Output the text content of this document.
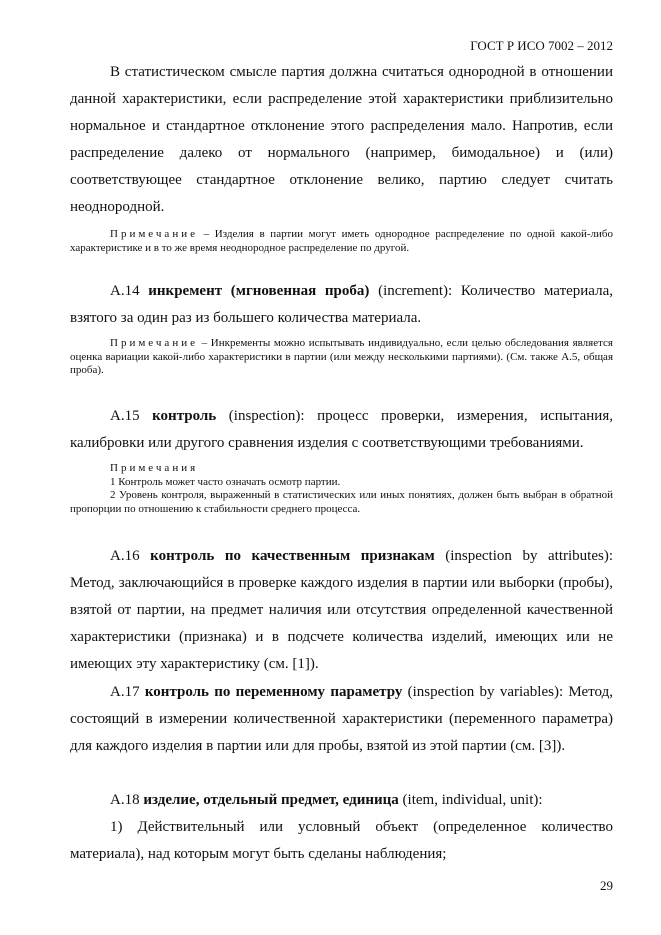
ГОСТ Р ИСО 7002 – 2012

В статистическом смысле партия должна считаться однородной в отношении данной характеристики, если распределение этой характеристики приблизительно нормальное и стандартное отклонение этого распределения мало. Напротив, если распределение далеко от нормального (например, бимодальное) и (или) соответствующее стандартное отклонение велико, партию следует считать неоднородной.

Примечание – Изделия в партии могут иметь однородное распределение по одной какой-либо характеристике и в то же время неоднородное распределение по другой.

А.14 инкремент (мгновенная проба) (increment): Количество материала, взятого за один раз из большего количества материала.

Примечание – Инкременты можно испытывать индивидуально, если целью обследования является оценка вариации какой-либо характеристики в партии (или между несколькими партиями). (См. также А.5, общая проба).

А.15 контроль (inspection): процесс проверки, измерения, испытания, калибровки или другого сравнения изделия с соответствующими требованиями.

Примечания

1 Контроль может часто означать осмотр партии.

2 Уровень контроля, выраженный в статистических или иных понятиях, должен быть выбран в обратной пропорции по отношению к стабильности среднего процесса.

А.16 контроль по качественным признакам (inspection by attributes): Метод, заключающийся в проверке каждого изделия в партии или выборки (пробы), взятой от партии, на предмет наличия или отсутствия определенной качественной характеристики (признака) и в подсчете количества изделий, имеющих или не имеющих эту характеристику (см. [1]).

А.17 контроль по переменному параметру (inspection by variables): Метод, состоящий в измерении количественной характеристики (переменного параметра) для каждого изделия в партии или для пробы, взятой из этой партии (см. [3]).

А.18 изделие, отдельный предмет, единица (item, individual, unit):

1) Действительный или условный объект (определенное количество материала), над которым могут быть сделаны наблюдения;

29
